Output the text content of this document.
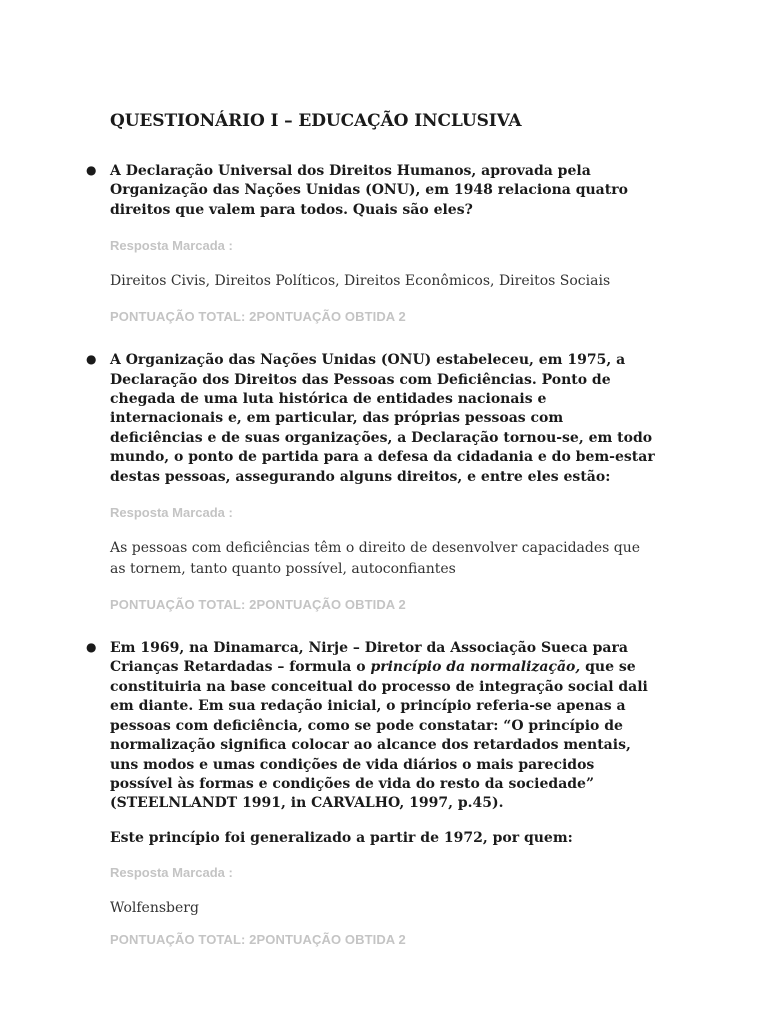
QUESTIONÁRIO I – EDUCAÇÃO INCLUSIVA

● A Declaração Universal dos Direitos Humanos, aprovada pela Organização das Nações Unidas (ONU), em 1948 relaciona quatro direitos que valem para todos. Quais são eles?

Resposta Marcada :

Direitos Civis, Direitos Políticos, Direitos Econômicos, Direitos Sociais

PONTUAÇÃO TOTAL: 2PONTUAÇÃO OBTIDA 2

● A Organização das Nações Unidas (ONU) estabeleceu, em 1975, a Declaração dos Direitos das Pessoas com Deficiências. Ponto de chegada de uma luta histórica de entidades nacionais e internacionais e, em particular, das próprias pessoas com deficiências e de suas organizações, a Declaração tornou-se, em todo mundo, o ponto de partida para a defesa da cidadania e do bem-estar destas pessoas, assegurando alguns direitos, e entre eles estão:

Resposta Marcada :

As pessoas com deficiências têm o direito de desenvolver capacidades que as tornem, tanto quanto possível, autoconfiantes

PONTUAÇÃO TOTAL: 2PONTUAÇÃO OBTIDA 2

● Em 1969, na Dinamarca, Nirje – Diretor da Associação Sueca para Crianças Retardadas – formula o princípio da normalização, que se constituiria na base conceitual do processo de integração social dali em diante. Em sua redação inicial, o princípio referia-se apenas a pessoas com deficiência, como se pode constatar: “O princípio de normalização significa colocar ao alcance dos retardados mentais, uns modos e umas condições de vida diários o mais parecidos possível às formas e condições de vida do resto da sociedade” (STEELNLANDT 1991, in CARVALHO, 1997, p.45).

Este princípio foi generalizado a partir de 1972, por quem:

Resposta Marcada :

Wolfensberg

PONTUAÇÃO TOTAL: 2PONTUAÇÃO OBTIDA 2
